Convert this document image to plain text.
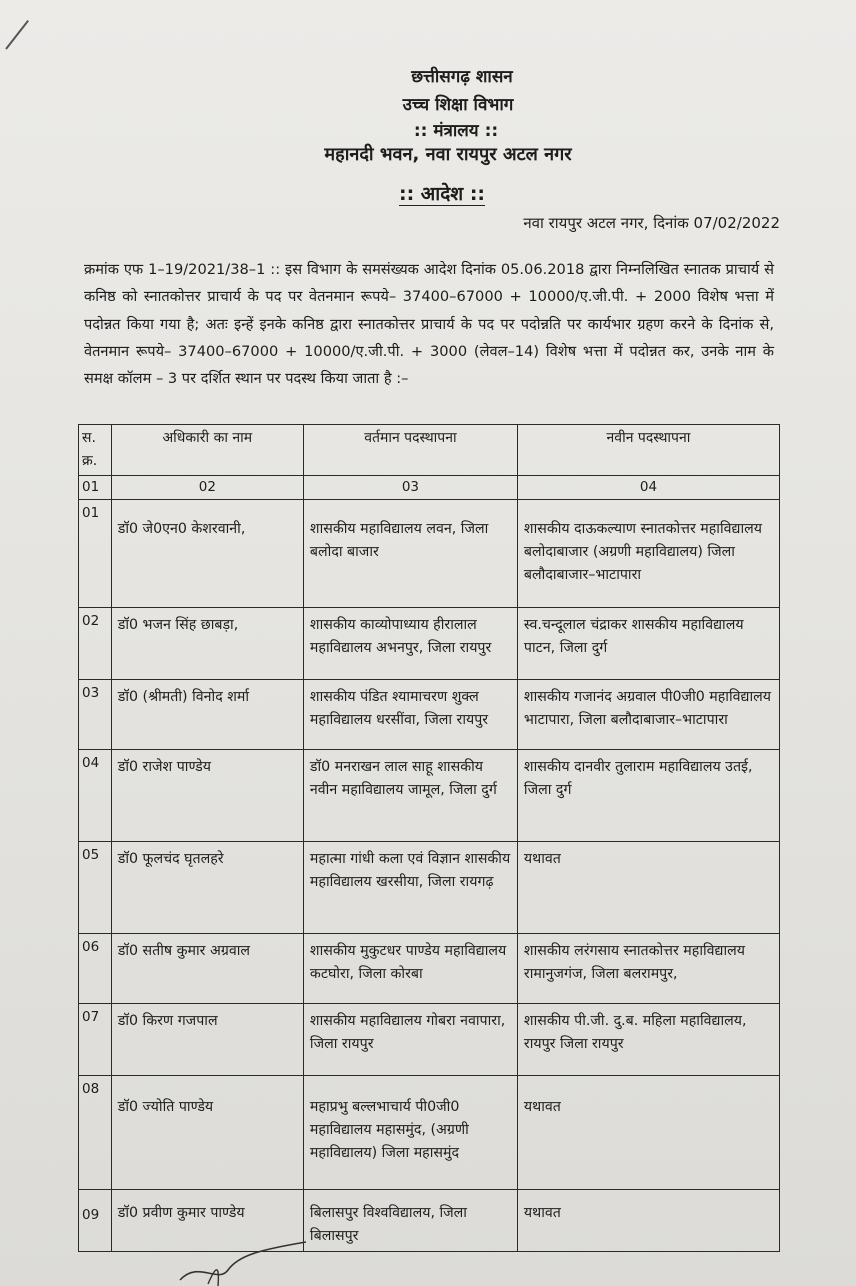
छत्तीसगढ़ शासन
उच्च शिक्षा विभाग
:: मंत्रालय ::
महानदी भवन, नवा रायपुर अटल नगर
:: आदेश ::
नवा रायपुर अटल नगर, दिनांक 07/02/2022
क्रमांक एफ 1–19/2021/38–1 :: इस विभाग के समसंख्यक आदेश दिनांक 05.06.2018 द्वारा निम्नलिखित स्नातक प्राचार्य से कनिष्ठ को स्नातकोत्तर प्राचार्य के पद पर वेतनमान रूपये– 37400–67000 + 10000/ए.जी.पी. + 2000 विशेष भत्ता में पदोन्नत किया गया है; अतः इन्हें इनके कनिष्ठ द्वारा स्नातकोत्तर प्राचार्य के पद पर पदोन्नति पर कार्यभार ग्रहण करने के दिनांक से, वेतनमान रूपये– 37400–67000 + 10000/ए.जी.पी. + 3000 (लेवल–14) विशेष भत्ता में पदोन्नत कर, उनके नाम के समक्ष कॉलम – 3 पर दर्शित स्थान पर पदस्थ किया जाता है :–
स. क्र.	अधिकारी का नाम	वर्तमान पदस्थापना	नवीन पदस्थापना
01	02	03	04
01	डॉ0 जे0एन0 केशरवानी,	शासकीय महाविद्यालय लवन, जिला बलोदा बाजार	शासकीय दाऊकल्याण स्नातकोत्तर महाविद्यालय बलोदाबाजार (अग्रणी महाविद्यालय) जिला बलौदाबाजार–भाटापारा
02	डॉ0 भजन सिंह छाबड़ा,	शासकीय काव्योपाध्याय हीरालाल महाविद्यालय अभनपुर, जिला रायपुर	स्व.चन्दूलाल चंद्राकर शासकीय महाविद्यालय पाटन, जिला दुर्ग
03	डॉ0 (श्रीमती) विनोद शर्मा	शासकीय पंडित श्यामाचरण शुक्ल महाविद्यालय धरसींवा, जिला रायपुर	शासकीय गजानंद अग्रवाल पी0जी0 महाविद्यालय भाटापारा, जिला बलौदाबाजार–भाटापारा
04	डॉ0 राजेश पाण्डेय	डॉ0 मनराखन लाल साहू शासकीय नवीन महाविद्यालय जामूल, जिला दुर्ग	शासकीय दानवीर तुलाराम महाविद्यालय उतई, जिला दुर्ग
05	डॉ0 फूलचंद घृतलहरे	महात्मा गांधी कला एवं विज्ञान शासकीय महाविद्यालय खरसीया, जिला रायगढ़	यथावत
06	डॉ0 सतीष कुमार अग्रवाल	शासकीय मुकुटधर पाण्डेय महाविद्यालय कटघोरा, जिला कोरबा	शासकीय लरंगसाय स्नातकोत्तर महाविद्यालय रामानुजगंज, जिला बलरामपुर,
07	डॉ0 किरण गजपाल	शासकीय महाविद्यालय गोबरा नवापारा, जिला रायपुर	शासकीय पी.जी. दु.ब. महिला महाविद्यालय, रायपुर जिला रायपुर
08	डॉ0 ज्योति पाण्डेय	महाप्रभु बल्लभाचार्य पी0जी0 महाविद्यालय महासमुंद, (अग्रणी महाविद्यालय) जिला महासमुंद	यथावत
09	डॉ0 प्रवीण कुमार पाण्डेय	बिलासपुर विश्वविद्यालय, जिला बिलासपुर	यथावत
